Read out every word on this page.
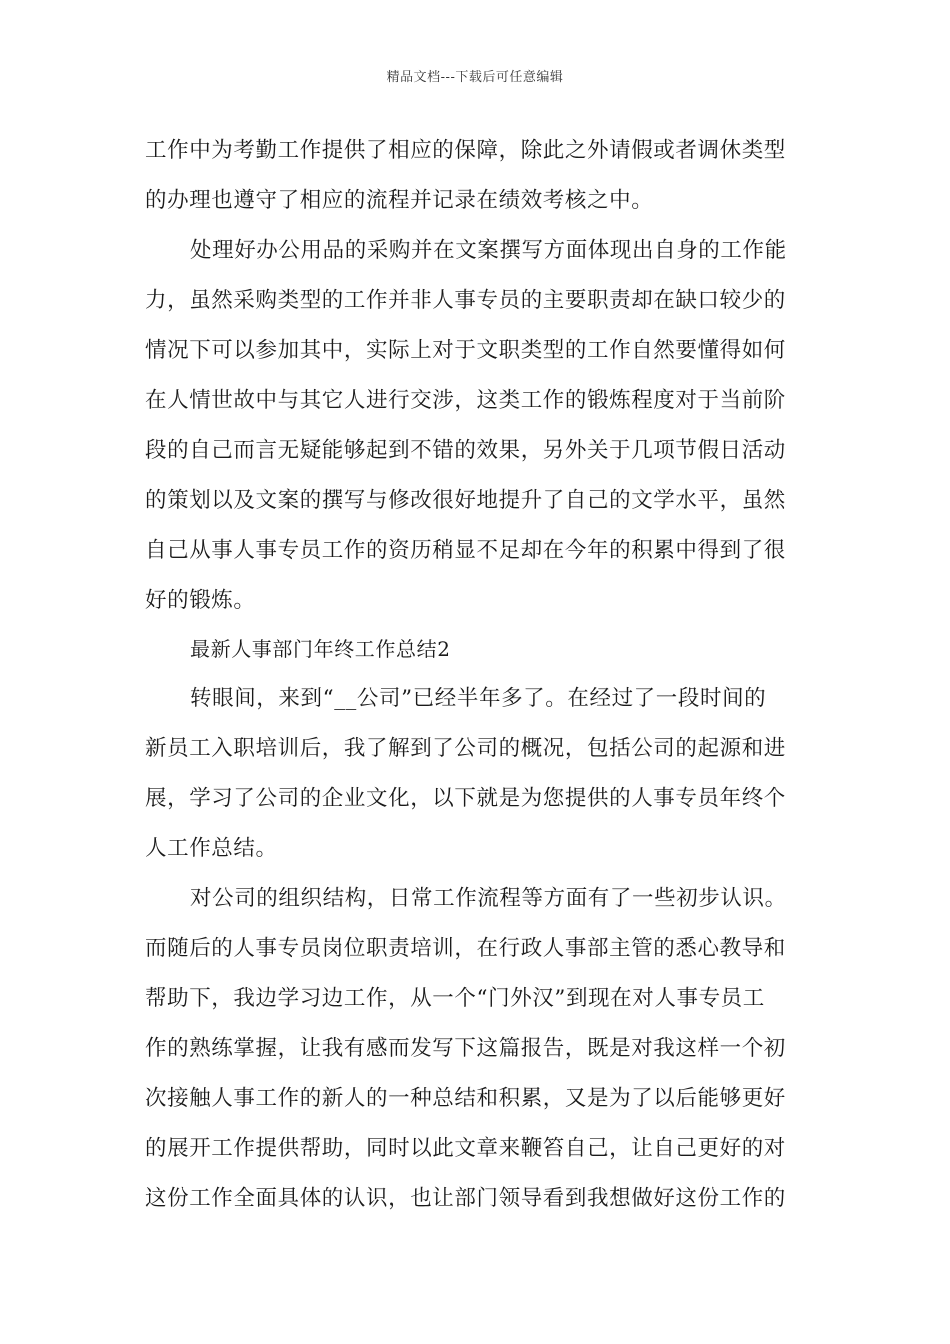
精品文档---下载后可任意编辑
工作中为考勤工作提供了相应的保障，除此之外请假或者调休类型
的办理也遵守了相应的流程并记录在绩效考核之中。
处理好办公用品的采购并在文案撰写方面体现出自身的工作能
力，虽然采购类型的工作并非人事专员的主要职责却在缺口较少的
情况下可以参加其中，实际上对于文职类型的工作自然要懂得如何
在人情世故中与其它人进行交涉，这类工作的锻炼程度对于当前阶
段的自己而言无疑能够起到不错的效果，另外关于几项节假日活动
的策划以及文案的撰写与修改很好地提升了自己的文学水平，虽然
自己从事人事专员工作的资历稍显不足却在今年的积累中得到了很
好的锻炼。
最新人事部门年终工作总结2
转眼间，来到“__公司”已经半年多了。在经过了一段时间的
新员工入职培训后，我了解到了公司的概况，包括公司的起源和进
展，学习了公司的企业文化，以下就是为您提供的人事专员年终个
人工作总结。
对公司的组织结构，日常工作流程等方面有了一些初步认识。
而随后的人事专员岗位职责培训，在行政人事部主管的悉心教导和
帮助下，我边学习边工作，从一个“门外汉”到现在对人事专员工
作的熟练掌握，让我有感而发写下这篇报告，既是对我这样一个初
次接触人事工作的新人的一种总结和积累，又是为了以后能够更好
的展开工作提供帮助，同时以此文章来鞭笞自己，让自己更好的对
这份工作全面具体的认识，也让部门领导看到我想做好这份工作的
